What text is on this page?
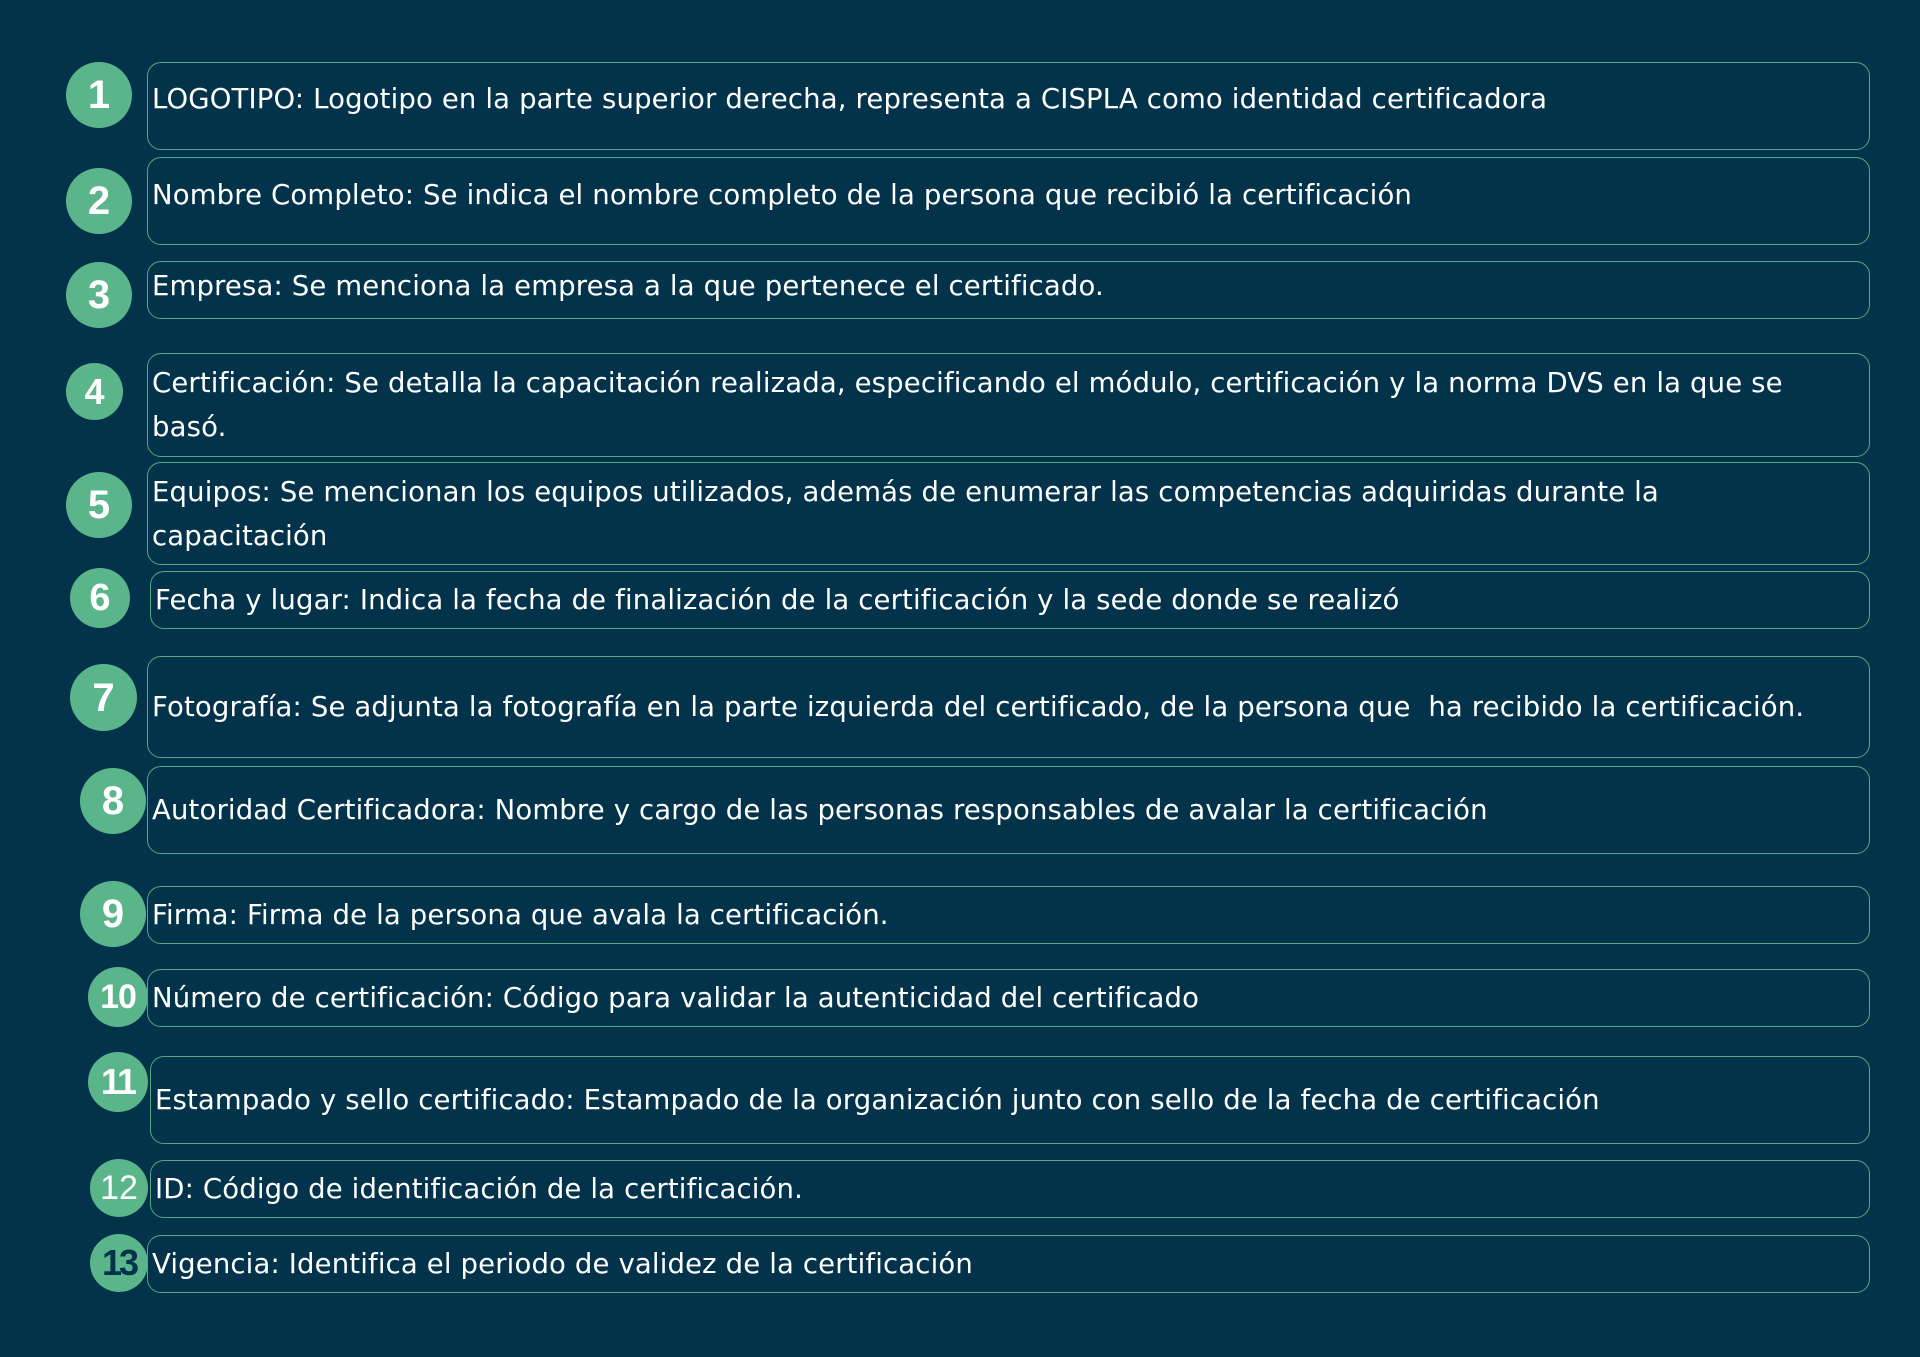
1	LOGOTIPO: Logotipo en la parte superior derecha, representa a CISPLA como identidad certificadora
2	Nombre Completo: Se indica el nombre completo de la persona que recibió la certificación
3	Empresa: Se menciona la empresa a la que pertenece el certificado.
4	Certificación: Se detalla la capacitación realizada, especificando el módulo, certificación y la norma DVS en la que se basó.
5	Equipos: Se mencionan los equipos utilizados, además de enumerar las competencias adquiridas durante la capacitación
6	Fecha y lugar: Indica la fecha de finalización de la certificación y la sede donde se realizó
7	Fotografía: Se adjunta la fotografía en la parte izquierda del certificado, de la persona que  ha recibido la certificación.
8	Autoridad Certificadora: Nombre y cargo de las personas responsables de avalar la certificación
9	Firma: Firma de la persona que avala la certificación.
10 Número de certificación: Código para validar la autenticidad del certificado
11 Estampado y sello certificado: Estampado de la organización junto con sello de la fecha de certificación
12 ID: Código de identificación de la certificación.
13 Vigencia: Identifica el periodo de validez de la certificación
